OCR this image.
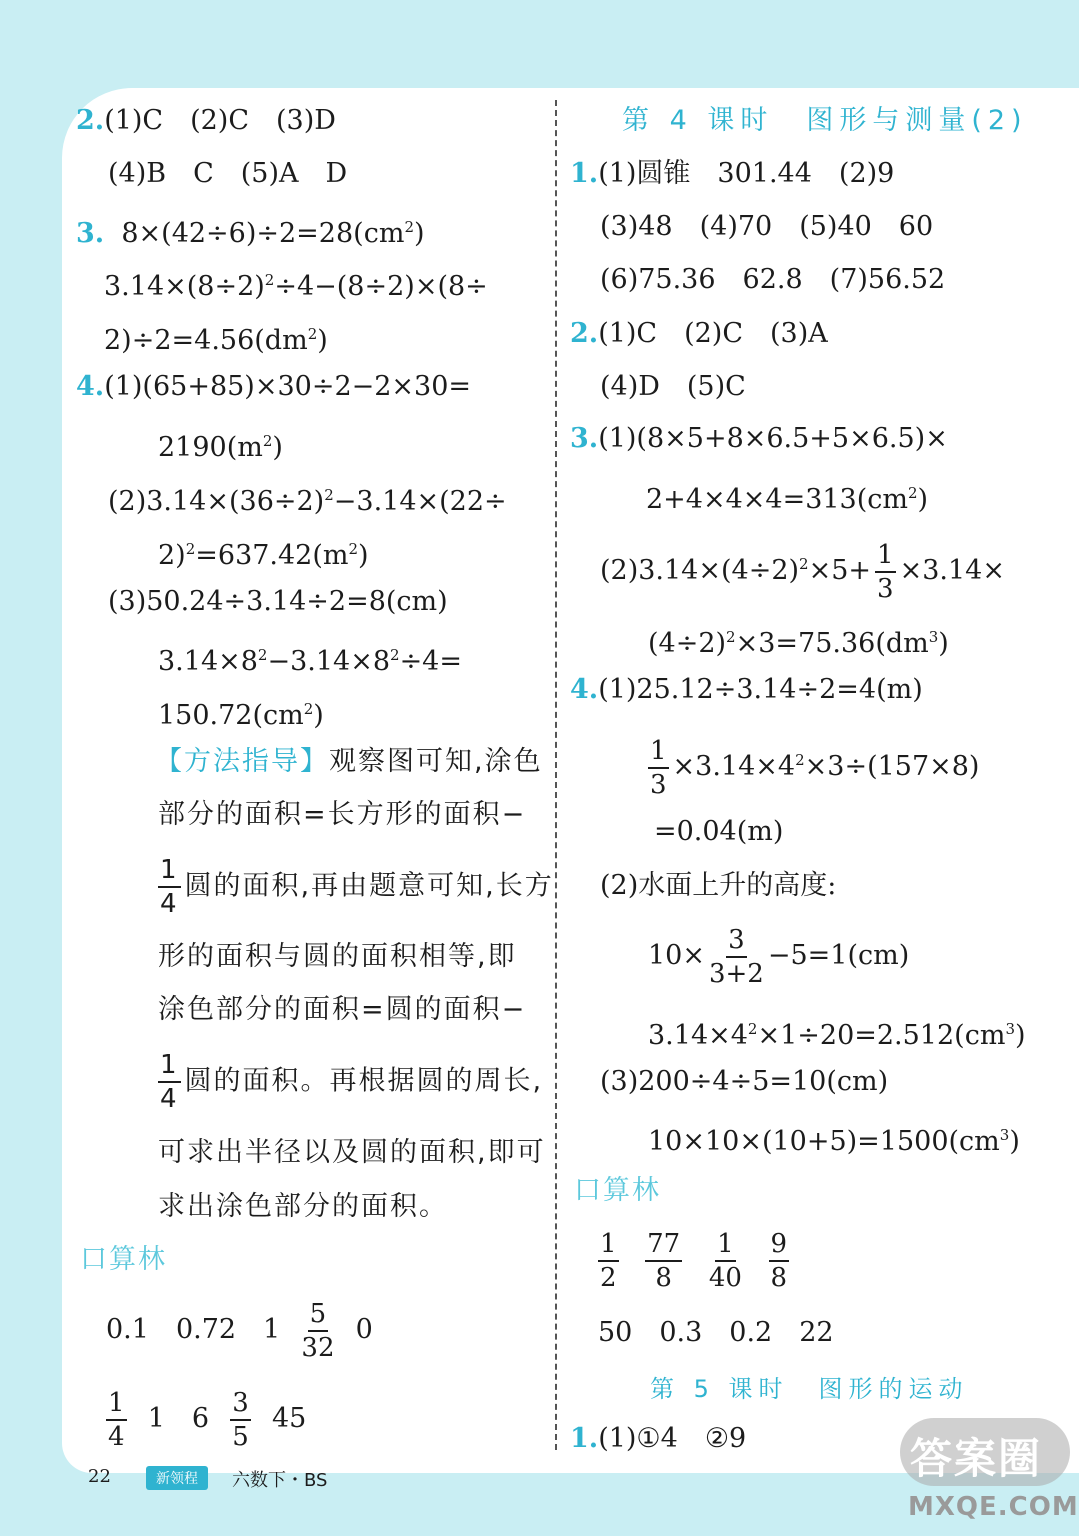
2.(1)C　(2)C　(3)D
(4)B　C　(5)A　D
3. $8\times(42\div 6)\div 2=28(cm^2)$
$3.14\times(8\div 2)^2\div 4-(8\div 2)\times(8\div$
$2)\div 2=4.56(dm^2)$
4.(1)(65+85)×30÷2−2×30=
$2190(m^2)$
$(2)3.14\times(36\div 2)^2-3.14\times(22\div$
$2)^2=637.42(m^2)$
(3)50.24÷3.14÷2=8(cm)
$3.14\times 8^2-3.14\times 8^2\div 4=$
$150.72(cm^2)$
【方法指导】观察图可知,涂色
部分的面积=长方形的面积−
$\frac{1}{4}$ 圆的面积,再由题意可知,长方
形的面积与圆的面积相等,即
涂色部分的面积=圆的面积−
$\frac{1}{4}$ 圆的面积。再根据圆的周长,
可求出半径以及圆的面积,即可
求出涂色部分的面积。
口算林
0.1　0.72　$1 \frac{5}{32} 0$
$\frac{1}{4} 1$　$6 \frac{3}{5} 45$
第 4 课时　图形与测量(2)
1.(1)圆锥　301.44　(2)9
(3)48　(4)70　(5)40　60
(6)75.36　62.8　(7)56.52
2.(1)C　(2)C　(3)A
(4)D　(5)C
3.(1)(8×5+8×6.5+5×6.5)×
$2+4\times 4\times 4=313(cm^2)$
$(2)3.14\times(4\div 2)^2\times 5+ \frac{1}{3} \times 3.14\times$
$(4\div 2)^2\times 3=75.36(dm^3)$
4.(1)25.12÷3.14÷2=4(m)
$\frac{1}{3} \times 3.14\times 4^2\times 3\div(157\times 8)$
=0.04(m)
(2)水面上升的高度:
$10\times \frac{3}{3+2} -5=1(cm)$
$3.14\times 4^2\times 1\div 20=2.512(cm^3)$
(3)200÷4÷5=10(cm)
$10\times 10\times(10+5)=1500(cm^3)$
口算林
$\frac{1}{2}$
$\frac{77}{8}$
$\frac{1}{40}$
$\frac{9}{8}$
50　0.3　0.2　22
第 5 课时　图形的运动
1.(1)①4　②9
22	新领程	六数下・BS	答案圈
MXQE.COM
